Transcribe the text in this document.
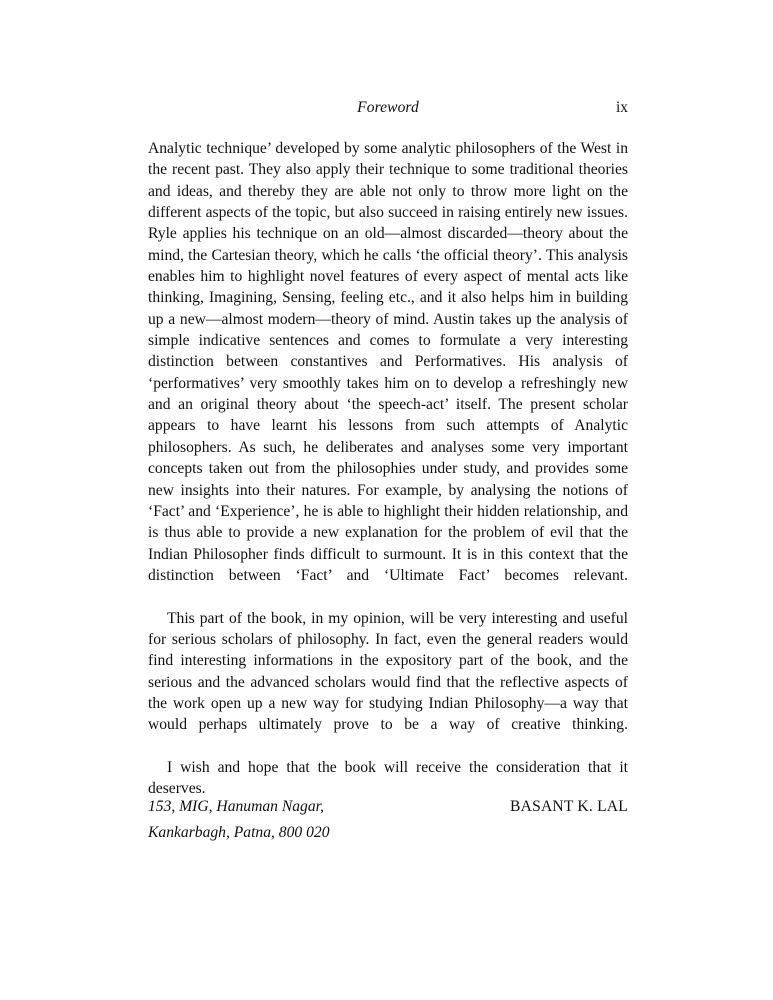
Foreword	ix

Analytic technique’ developed by some analytic philosophers of the West in the recent past. They also apply their technique to some traditional theories and ideas, and thereby they are able not only to throw more light on the different aspects of the topic, but also succeed in raising entirely new issues. Ryle applies his technique on an old—almost discarded—theory about the mind, the Cartesian theory, which he calls ‘the official theory’. This analysis enables him to highlight novel features of every aspect of mental acts like thinking, Imagining, Sensing, feeling etc., and it also helps him in building up a new—almost modern—theory of mind. Austin takes up the analysis of simple indicative sentences and comes to formulate a very interesting distinction between constantives and Performatives. His analysis of ‘performatives’ very smoothly takes him on to develop a refreshingly new and an original theory about ‘the speech-act’ itself. The present scholar appears to have learnt his lessons from such attempts of Analytic philosophers. As such, he deliberates and analyses some very important concepts taken out from the philosophies under study, and provides some new insights into their natures. For example, by analysing the notions of ‘Fact’ and ‘Experience’, he is able to highlight their hidden relationship, and is thus able to provide a new explanation for the problem of evil that the Indian Philosopher finds difficult to surmount. It is in this context that the distinction between ‘Fact’ and ‘Ultimate Fact’ becomes relevant.

This part of the book, in my opinion, will be very interesting and useful for serious scholars of philosophy. In fact, even the general readers would find interesting informations in the expository part of the book, and the serious and the advanced scholars would find that the reflective aspects of the work open up a new way for studying Indian Philosophy—a way that would perhaps ultimately prove to be a way of creative thinking.

I wish and hope that the book will receive the consideration that it deserves.

153, MIG, Hanuman Nagar,
Kankarbagh, Patna, 800 020
BASANT K. LAL
